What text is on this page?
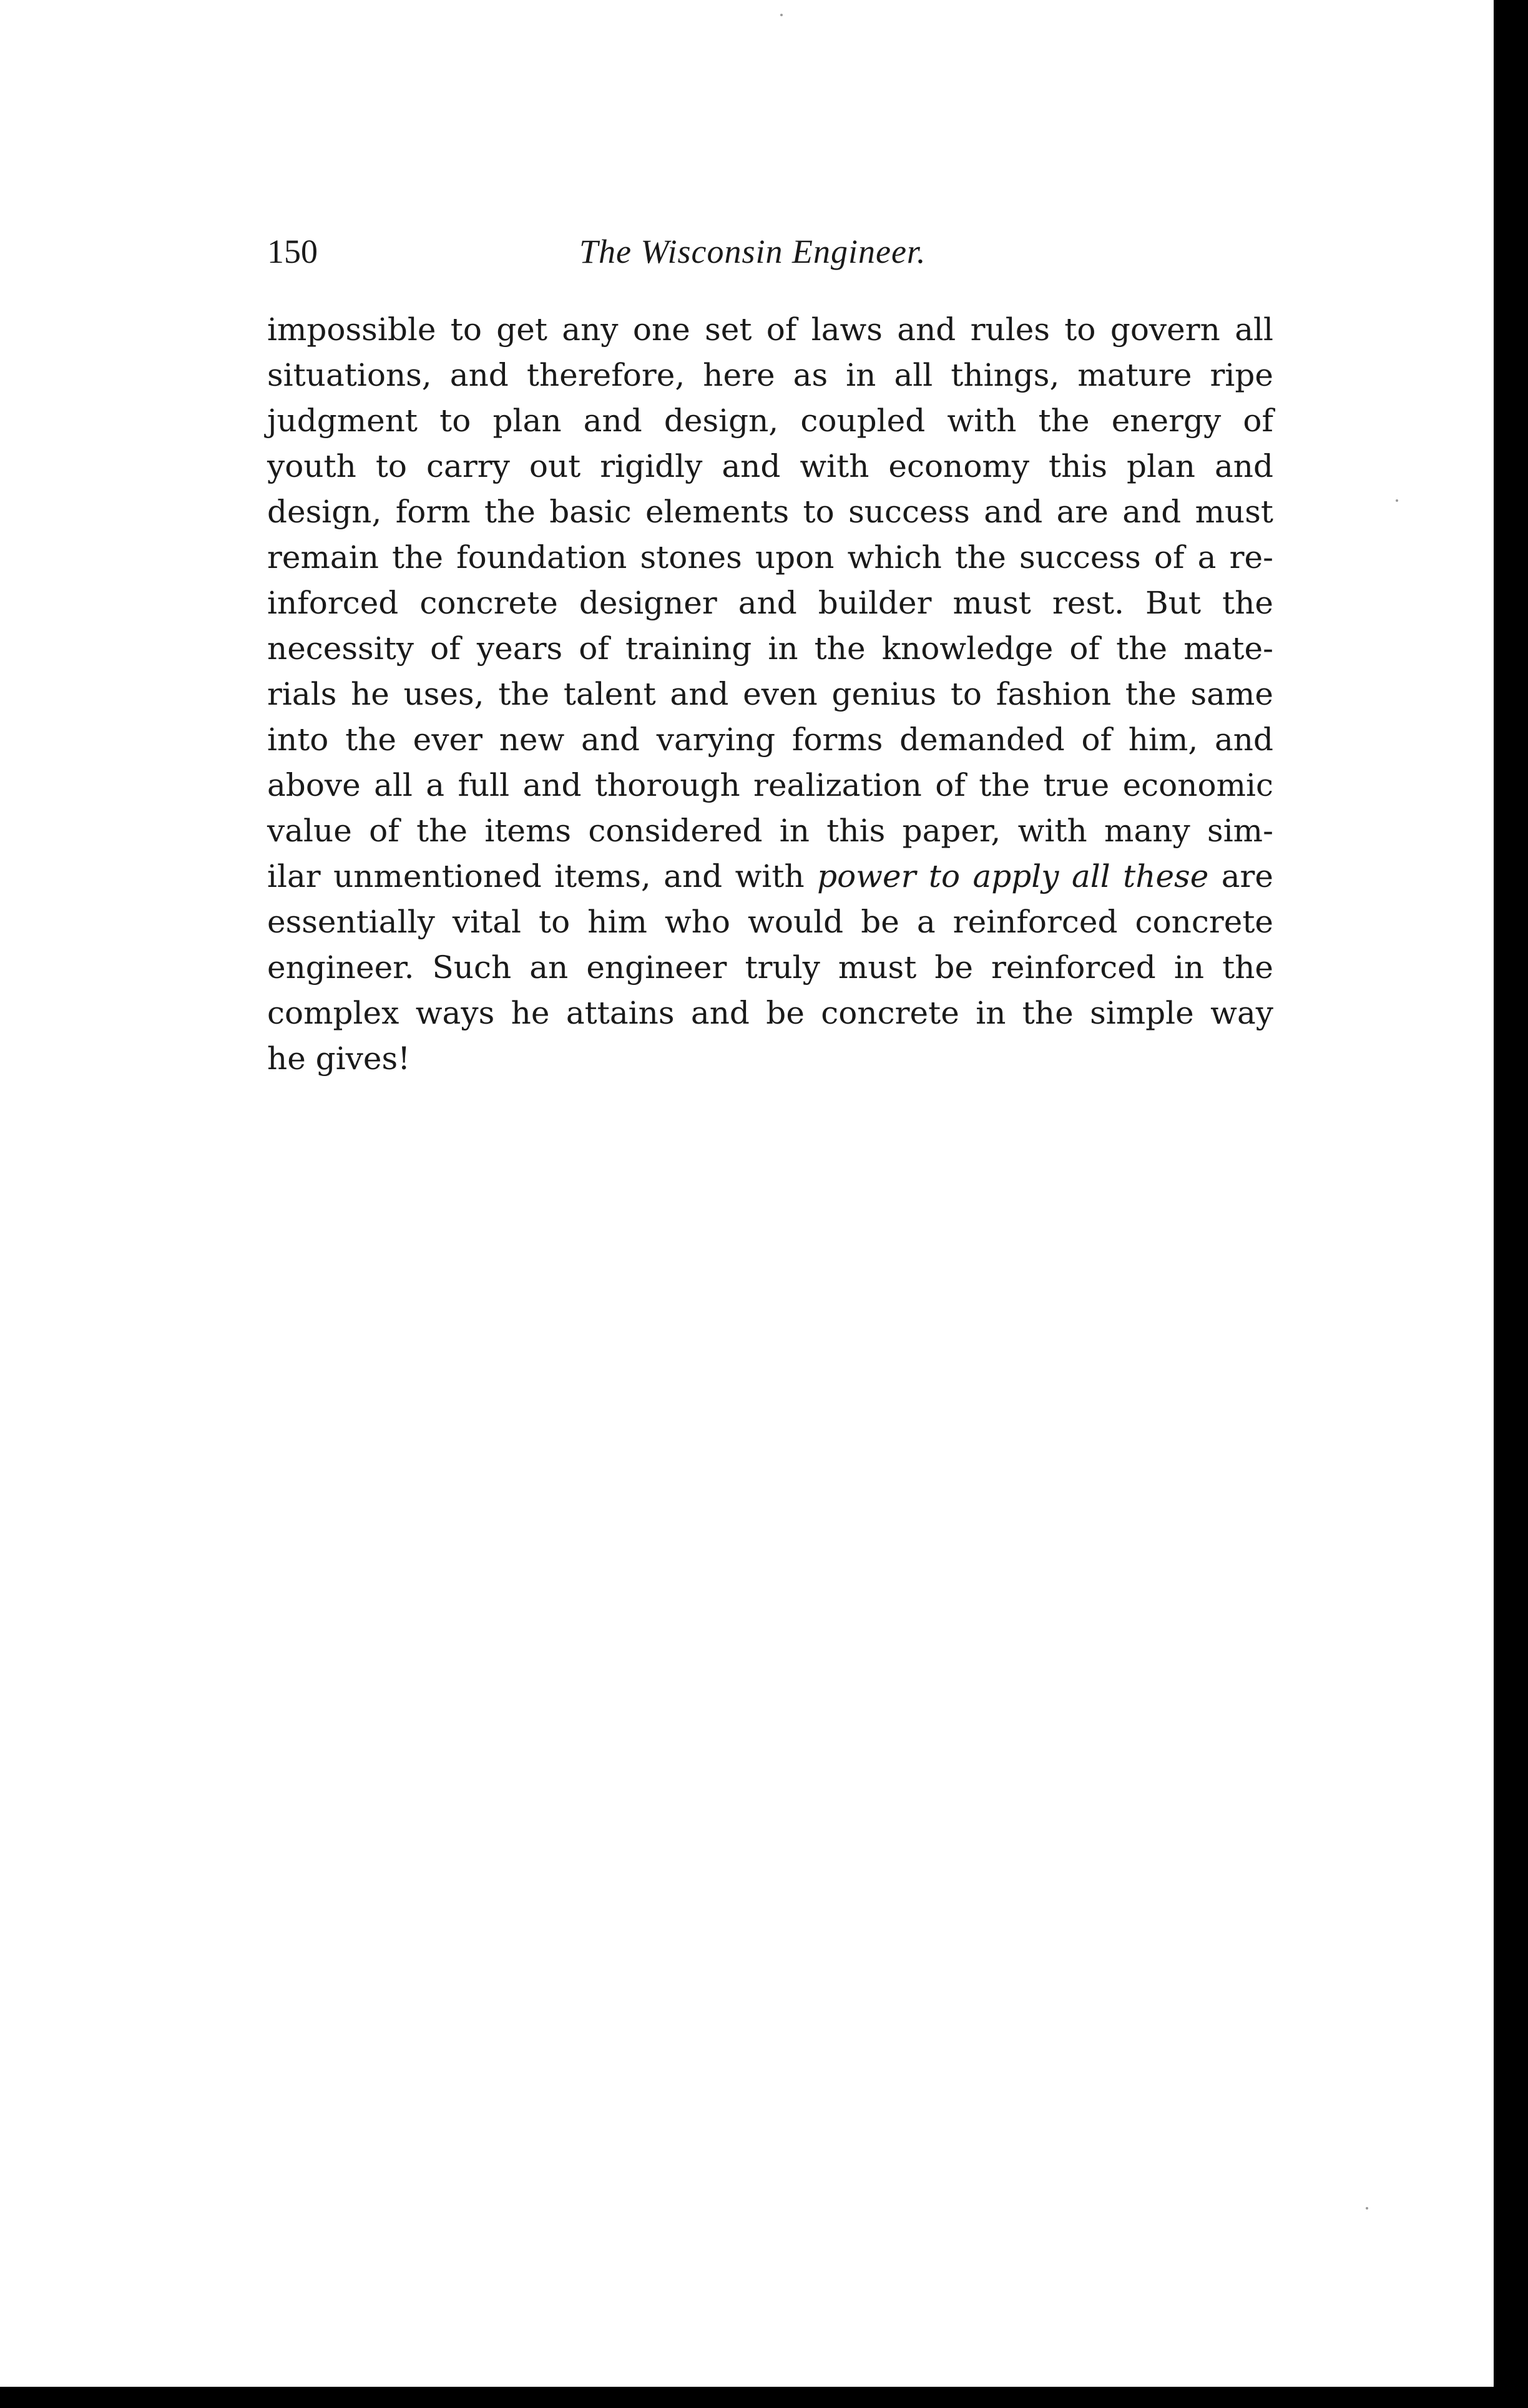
150	The Wisconsin Engineer.
impossible to get any one set of laws and rules to govern all
situations, and therefore, here as in all things, mature ripe
judgment to plan and design, coupled with the energy of
youth to carry out rigidly and with economy this plan and
design, form the basic elements to success and are and must
remain the foundation stones upon which the success of a re-
inforced concrete designer and builder must rest. But the
necessity of years of training in the knowledge of the mate-
rials he uses, the talent and even genius to fashion the same
into the ever new and varying forms demanded of him, and
above all a full and thorough realization of the true economic
value of the items considered in this paper, with many sim-
ilar unmentioned items, and with power to apply all these are
essentially vital to him who would be a reinforced concrete
engineer. Such an engineer truly must be reinforced in the
complex ways he attains and be concrete in the simple way
he gives!
